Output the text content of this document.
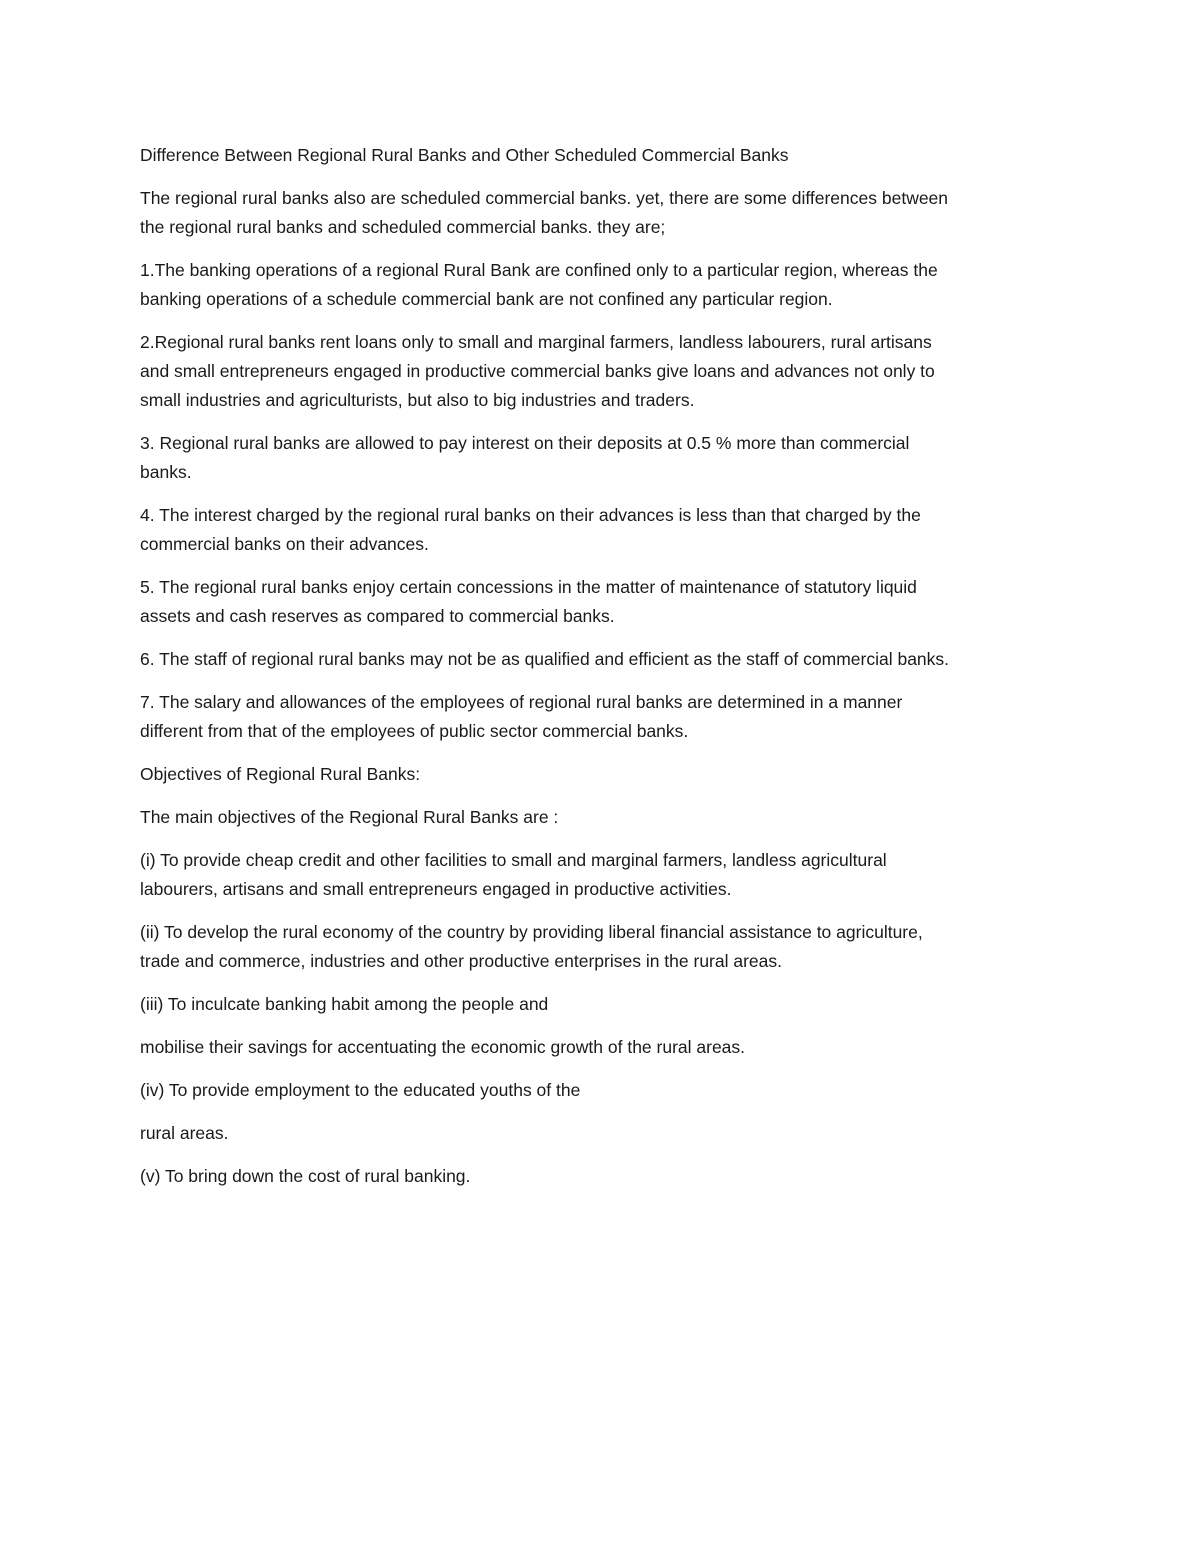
Difference Between Regional Rural Banks and Other Scheduled Commercial Banks

The regional rural banks also are scheduled commercial banks. yet, there are some differences between
the regional rural banks and scheduled commercial banks. they are;

1.The banking operations of a regional Rural Bank are confined only to a particular region, whereas the
banking operations of a schedule commercial bank are not confined any particular region.

2.Regional rural banks rent loans only to small and marginal farmers, landless labourers, rural artisans
and small entrepreneurs engaged in productive commercial banks give loans and advances not only to
small industries and agriculturists, but also to big industries and traders.

3. Regional rural banks are allowed to pay interest on their deposits at 0.5 % more than commercial
banks.

4. The interest charged by the regional rural banks on their advances is less than that charged by the
commercial banks on their advances.

5. The regional rural banks enjoy certain concessions in the matter of maintenance of statutory liquid
assets and cash reserves as compared to commercial banks.

6. The staff of regional rural banks may not be as qualified and efficient as the staff of commercial banks.

7. The salary and allowances of the employees of regional rural banks are determined in a manner
different from that of the employees of public sector commercial banks.

Objectives of Regional Rural Banks:

The main objectives of the Regional Rural Banks are :

(i) To provide cheap credit and other facilities to small and marginal farmers, landless agricultural
labourers, artisans and small entrepreneurs engaged in productive activities.

(ii) To develop the rural economy of the country by providing liberal financial assistance to agriculture,
trade and commerce, industries and other productive enterprises in the rural areas.

(iii) To inculcate banking habit among the people and

mobilise their savings for accentuating the economic growth of the rural areas.

(iv) To provide employment to the educated youths of the

rural areas.

(v) To bring down the cost of rural banking.
